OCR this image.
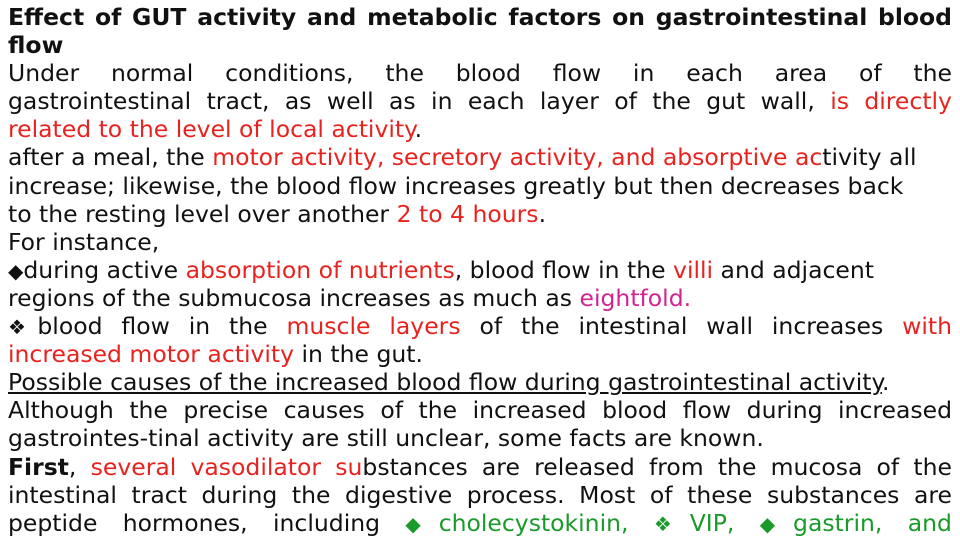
Effect of GUT activity and metabolic factors on gastrointestinal blood
flow
Under normal conditions, the blood flow in each area of the
gastrointestinal tract, as well as in each layer of the gut wall, is directly
related to the level of local activity.
after a meal, the motor activity, secretory activity, and absorptive activity all
increase; likewise, the blood flow increases greatly but then decreases back
to the resting level over another 2 to 4 hours.
For instance,
◆during active absorption of nutrients, blood flow in the villi and adjacent
regions of the submucosa increases as much as eightfold.
❖blood flow in the muscle layers of the intestinal wall increases with
increased motor activity in the gut.
Possible causes of the increased blood flow during gastrointestinal activity.
Although the precise causes of the increased blood flow during increased
gastrointes-tinal activity are still unclear, some facts are known.
First, several vasodilator substances are released from the mucosa of the
intestinal tract during the digestive process. Most of these substances are
peptide hormones, including ◆cholecystokinin, ❖VIP, ◆gastrin, and
